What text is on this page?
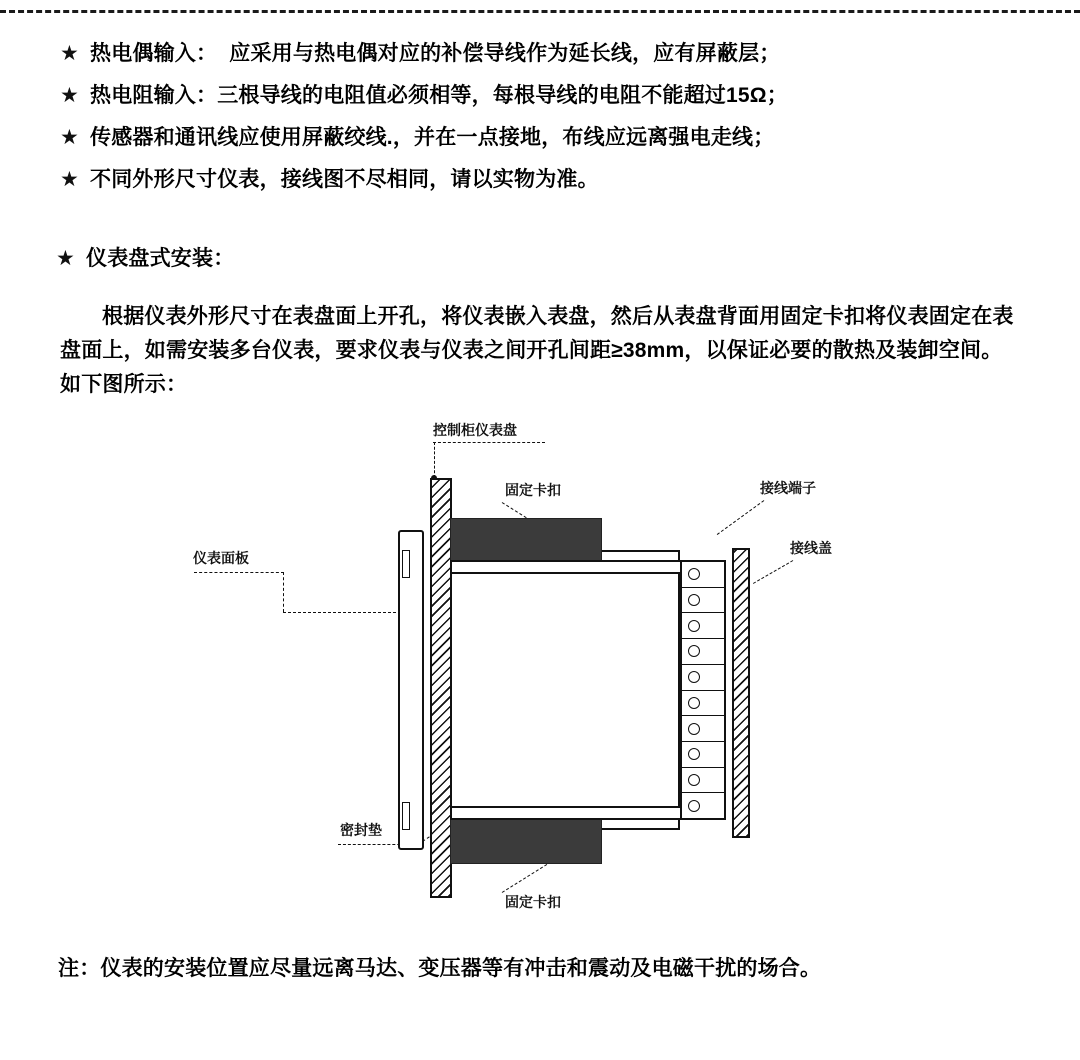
★ 热电偶输入：  应采用与热电偶对应的补偿导线作为延长线，应有屏蔽层；
★ 热电阻输入：三根导线的电阻值必须相等，每根导线的电阻不能超过15Ω；
★ 传感器和通讯线应使用屏蔽绞线.，并在一点接地，布线应远离强电走线；
★ 不同外形尺寸仪表，接线图不尽相同，请以实物为准。
★ 仪表盘式安装：
根据仪表外形尺寸在表盘面上开孔，将仪表嵌入表盘，然后从表盘背面用固定卡扣将仪表固定在表盘面上，如需安装多台仪表，要求仪表与仪表之间开孔间距≥38mm，以保证必要的散热及装卸空间。如下图所示：
控制柜仪表盘
固定卡扣	接线端子
接线盖
仪表面板
密封垫
固定卡扣
注：仪表的安装位置应尽量远离马达、变压器等有冲击和震动及电磁干扰的场合。
